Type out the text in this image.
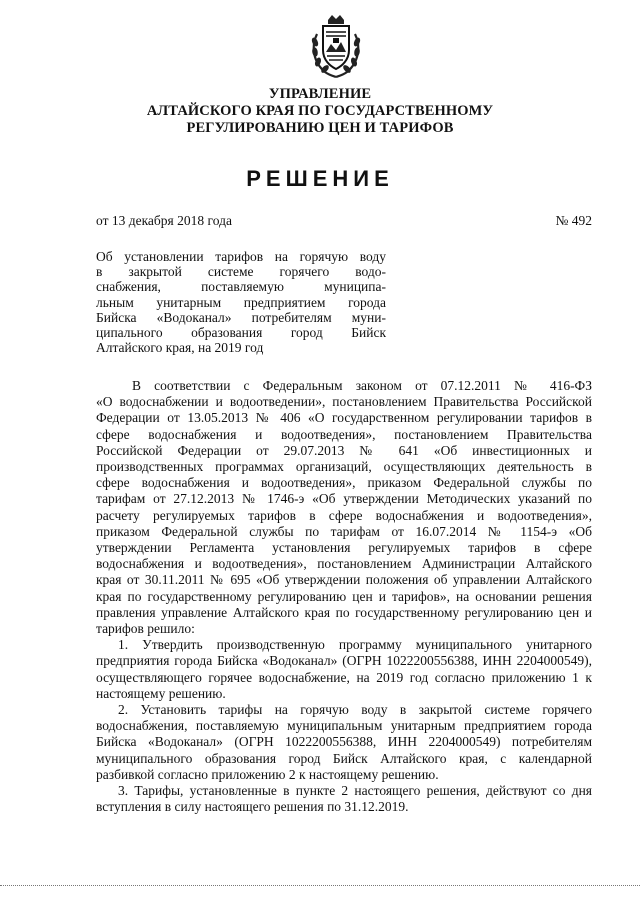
УПРАВЛЕНИЕ
АЛТАЙСКОГО КРАЯ ПО ГОСУДАРСТВЕННОМУ
РЕГУЛИРОВАНИЮ ЦЕН И ТАРИФОВ
РЕШЕНИЕ
от 13 декабря 2018 года	№ 492
Об установлении тарифов на горячую воду
в закрытой системе горячего водо-
снабжения, поставляемую муниципа-
льным унитарным предприятием города
Бийска «Водоканал» потребителям муни-
ципального образования город Бийск
Алтайского края, на 2019 год
В соответствии с Федеральным законом от 07.12.2011 № 416-ФЗ
«О водоснабжении и водоотведении», постановлением Правительства Российской
Федерации от 13.05.2013 № 406 «О государственном регулировании тарифов в
сфере водоснабжения и водоотведения», постановлением Правительства
Российской Федерации от 29.07.2013 № 641 «Об инвестиционных и
производственных программах организаций, осуществляющих деятельность в
сфере водоснабжения и водоотведения», приказом Федеральной службы по
тарифам от 27.12.2013 № 1746-э «Об утверждении Методических указаний по
расчету регулируемых тарифов в сфере водоснабжения и водоотведения»,
приказом Федеральной службы по тарифам от 16.07.2014 № 1154-э «Об
утверждении Регламента установления регулируемых тарифов в сфере
водоснабжения и водоотведения», постановлением Администрации Алтайского
края от 30.11.2011 № 695 «Об утверждении положения об управлении Алтайского
края по государственному регулированию цен и тарифов», на основании решения
правления управление Алтайского края по государственному регулированию цен и
тарифов решило:
1. Утвердить производственную программу муниципального унитарного
предприятия города Бийска «Водоканал» (ОГРН 1022200556388, ИНН 2204000549),
осуществляющего горячее водоснабжение, на 2019 год согласно приложению 1 к
настоящему решению.
2. Установить тарифы на горячую воду в закрытой системе горячего
водоснабжения, поставляемую муниципальным унитарным предприятием города
Бийска «Водоканал» (ОГРН 1022200556388, ИНН 2204000549) потребителям
муниципального образования город Бийск Алтайского края, с календарной
разбивкой согласно приложению 2 к настоящему решению.
3. Тарифы, установленные в пункте 2 настоящего решения, действуют со дня
вступления в силу настоящего решения по 31.12.2019.
